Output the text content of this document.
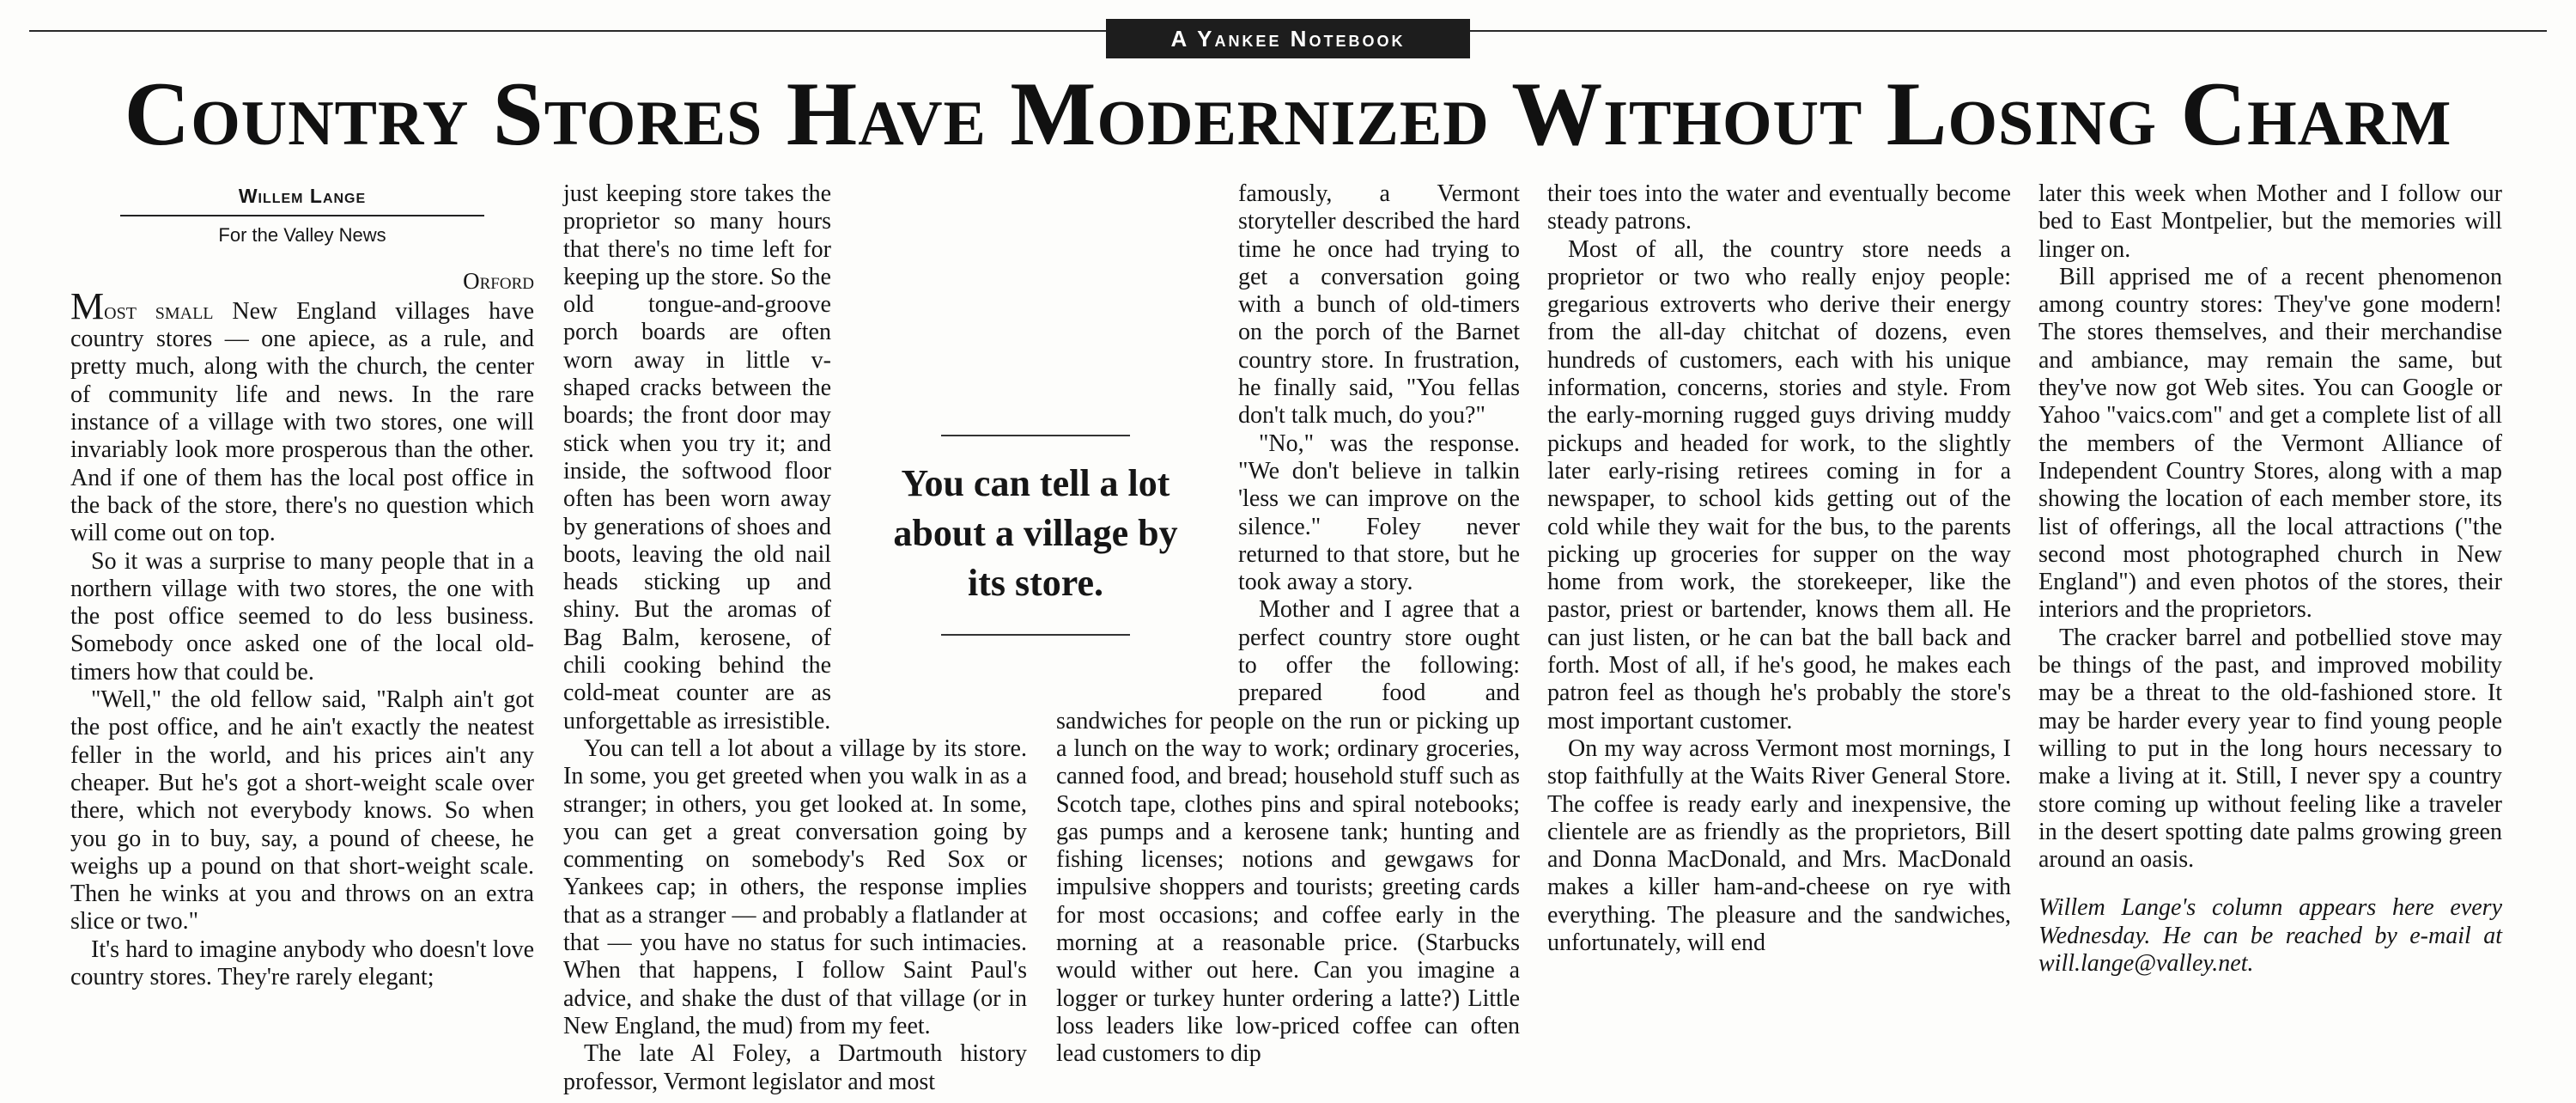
A Yankee Notebook
Country Stores Have Modernized Without Losing Charm
Willem Lange
For the Valley News
Orford

Most small New England villages have country stores — one apiece, as a rule, and pretty much, along with the church, the center of community life and news. In the rare instance of a village with two stores, one will invariably look more prosperous than the other. And if one of them has the local post office in the back of the store, there's no question which will come out on top.

So it was a surprise to many people that in a northern village with two stores, the one with the post office seemed to do less business. Somebody once asked one of the local old-timers how that could be.

"Well," the old fellow said, "Ralph ain't got the post office, and he ain't exactly the neatest feller in the world, and his prices ain't any cheaper. But he's got a short-weight scale over there, which not everybody knows. So when you go in to buy, say, a pound of cheese, he weighs up a pound on that short-weight scale. Then he winks at you and throws on an extra slice or two."

It's hard to imagine anybody who doesn't love country stores. They're rarely elegant;

just keeping store takes the proprietor so many hours that there's no time left for keeping up the store. So the old tongue-and-groove porch boards are often worn away in little v-shaped cracks between the boards; the front door may stick when you try it; and inside, the softwood floor often has been worn away by generations of shoes and boots, leaving the old nail heads sticking up and shiny. But the aromas of Bag Balm, kerosene, of chili cooking behind the cold-meat counter are as unforgettable as irresistible.

You can tell a lot about a village by its store. In some, you get greeted when you walk in as a stranger; in others, you get looked at. In some, you can get a great conversation going by commenting on somebody's Red Sox or Yankees cap; in others, the response implies that as a stranger — and probably a flatlander at that — you have no status for such intimacies. When that happens, I follow Saint Paul's advice, and shake the dust of that village (or in New England, the mud) from my feet.

The late Al Foley, a Dartmouth history professor, Vermont legislator and most

famously, a Vermont storyteller described the hard time he once had trying to get a conversation going with a bunch of old-timers on the porch of the Barnet country store. In frustration, he finally said, "You fellas don't talk much, do you?"

"No," was the response. "We don't believe in talkin 'less we can improve on the silence." Foley never returned to that store, but he took away a story.

Mother and I agree that a perfect country store ought to offer the following: prepared food and sandwiches for people on the run or picking up a lunch on the way to work; ordinary groceries, canned food, and bread; household stuff such as Scotch tape, clothes pins and spiral notebooks; gas pumps and a kerosene tank; hunting and fishing licenses; notions and gewgaws for impulsive shoppers and tourists; greeting cards for most occasions; and coffee early in the morning at a reasonable price. (Starbucks would wither out here. Can you imagine a logger or turkey hunter ordering a latte?) Little loss leaders like low-priced coffee can often lead customers to dip

You can tell a lot about a village by its store.

their toes into the water and eventually become steady patrons.

Most of all, the country store needs a proprietor or two who really enjoy people: gregarious extroverts who derive their energy from the all-day chitchat of dozens, even hundreds of customers, each with his unique information, concerns, stories and style. From the early-morning rugged guys driving muddy pickups and headed for work, to the slightly later early-rising retirees coming in for a newspaper, to school kids getting out of the cold while they wait for the bus, to the parents picking up groceries for supper on the way home from work, the storekeeper, like the pastor, priest or bartender, knows them all. He can just listen, or he can bat the ball back and forth. Most of all, if he's good, he makes each patron feel as though he's probably the store's most important customer.

On my way across Vermont most mornings, I stop faithfully at the Waits River General Store. The coffee is ready early and inexpensive, the clientele are as friendly as the proprietors, Bill and Donna MacDonald, and Mrs. MacDonald makes a killer ham-and-cheese on rye with everything. The pleasure and the sandwiches, unfortunately, will end

later this week when Mother and I follow our bed to East Montpelier, but the memories will linger on.

Bill apprised me of a recent phenomenon among country stores: They've gone modern! The stores themselves, and their merchandise and ambiance, may remain the same, but they've now got Web sites. You can Google or Yahoo "vaics.com" and get a complete list of all the members of the Vermont Alliance of Independent Country Stores, along with a map showing the location of each member store, its list of offerings, all the local attractions ("the second most photographed church in New England") and even photos of the stores, their interiors and the proprietors.

The cracker barrel and potbellied stove may be things of the past, and improved mobility may be a threat to the old-fashioned store. It may be harder every year to find young people willing to put in the long hours necessary to make a living at it. Still, I never spy a country store coming up without feeling like a traveler in the desert spotting date palms growing green around an oasis.

Willem Lange's column appears here every Wednesday. He can be reached by e-mail at will.lange@valley.net.
